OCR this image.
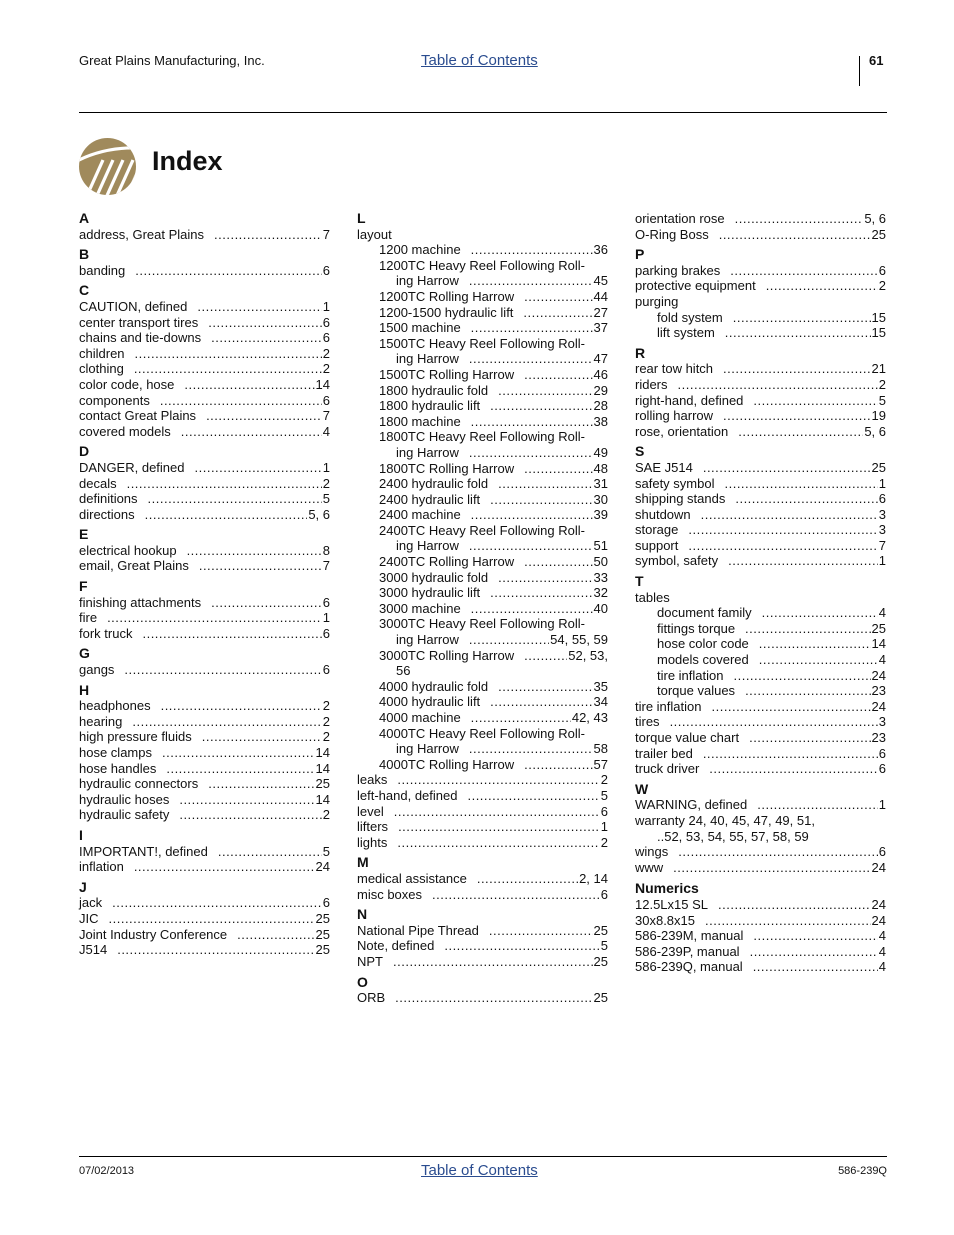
Great Plains Manufacturing, Inc.	Table of Contents	61
Index
A
address, Great Plains .....	7
B
banding .....	6
C
CAUTION, defined .....	1
center transport tires .....	6
chains and tie-downs .....	6
children .....	2
clothing .....	2
color code, hose .....	14
components .....	6
contact Great Plains .....	7
covered models .....	4
D
DANGER, defined .....	1
decals .....	2
definitions .....	5
directions .....	5, 6
E
electrical hookup .....	8
email, Great Plains .....	7
F
finishing attachments .....	6
fire .....	1
fork truck .....	6
G
gangs .....	6
H
headphones .....	2
hearing .....	2
high pressure fluids .....	2
hose clamps .....	14
hose handles .....	14
hydraulic connectors .....	25
hydraulic hoses .....	14
hydraulic safety .....	2
I
IMPORTANT!, defined .....	5
inflation .....	24
J
jack .....	6
JIC .....	25
Joint Industry Conference .....	25
J514 .....	25
L
layout
1200 machine .....	36
1200TC Heavy Reel Following Roll-
ing Harrow .....	45
1200TC Rolling Harrow .....	44
1200-1500 hydraulic lift .....	27
1500 machine .....	37
1500TC Heavy Reel Following Roll-
ing Harrow .....	47
1500TC Rolling Harrow .....	46
1800 hydraulic fold .....	29
1800 hydraulic lift .....	28
1800 machine .....	38
1800TC Heavy Reel Following Roll-
ing Harrow .....	49
1800TC Rolling Harrow .....	48
2400 hydraulic fold .....	31
2400 hydraulic lift .....	30
2400 machine .....	39
2400TC Heavy Reel Following Roll-
ing Harrow .....	51
2400TC Rolling Harrow .....	50
3000 hydraulic fold .....	33
3000 hydraulic lift .....	32
3000 machine .....	40
3000TC Heavy Reel Following Roll-
ing Harrow .....	54, 55, 59
3000TC Rolling Harrow .....	52, 53,
56
4000 hydraulic fold .....	35
4000 hydraulic lift .....	34
4000 machine .....	42, 43
4000TC Heavy Reel Following Roll-
ing Harrow .....	58
4000TC Rolling Harrow .....	57
leaks .....	2
left-hand, defined .....	5
level .....	6
lifters .....	1
lights .....	2
M
medical assistance .....	2, 14
misc boxes .....	6
N
National Pipe Thread .....	25
Note, defined .....	5
NPT .....	25
O
ORB .....	25
orientation rose .....	5, 6
O-Ring Boss .....	25
P
parking brakes .....	6
protective equipment .....	2
purging
fold system .....	15
lift system .....	15
R
rear tow hitch .....	21
riders .....	2
right-hand, defined .....	5
rolling harrow .....	19
rose, orientation .....	5, 6
S
SAE J514 .....	25
safety symbol .....	1
shipping stands .....	6
shutdown .....	3
storage .....	3
support .....	7
symbol, safety .....	1
T
tables
document family .....	4
fittings torque .....	25
hose color code .....	14
models covered .....	4
tire inflation .....	24
torque values .....	23
tire inflation .....	24
tires .....	3
torque value chart .....	23
trailer bed .....	6
truck driver .....	6
W
WARNING, defined .....	1
warranty 24, 40, 45, 47, 49, 51,
..52, 53, 54, 55, 57, 58, 59
wings .....	6
www .....	24
Numerics
12.5Lx15 SL .....	24
30x8.8x15 .....	24
586-239M, manual .....	4
586-239P, manual .....	4
586-239Q, manual .....	4
07/02/2013	Table of Contents	586-239Q
